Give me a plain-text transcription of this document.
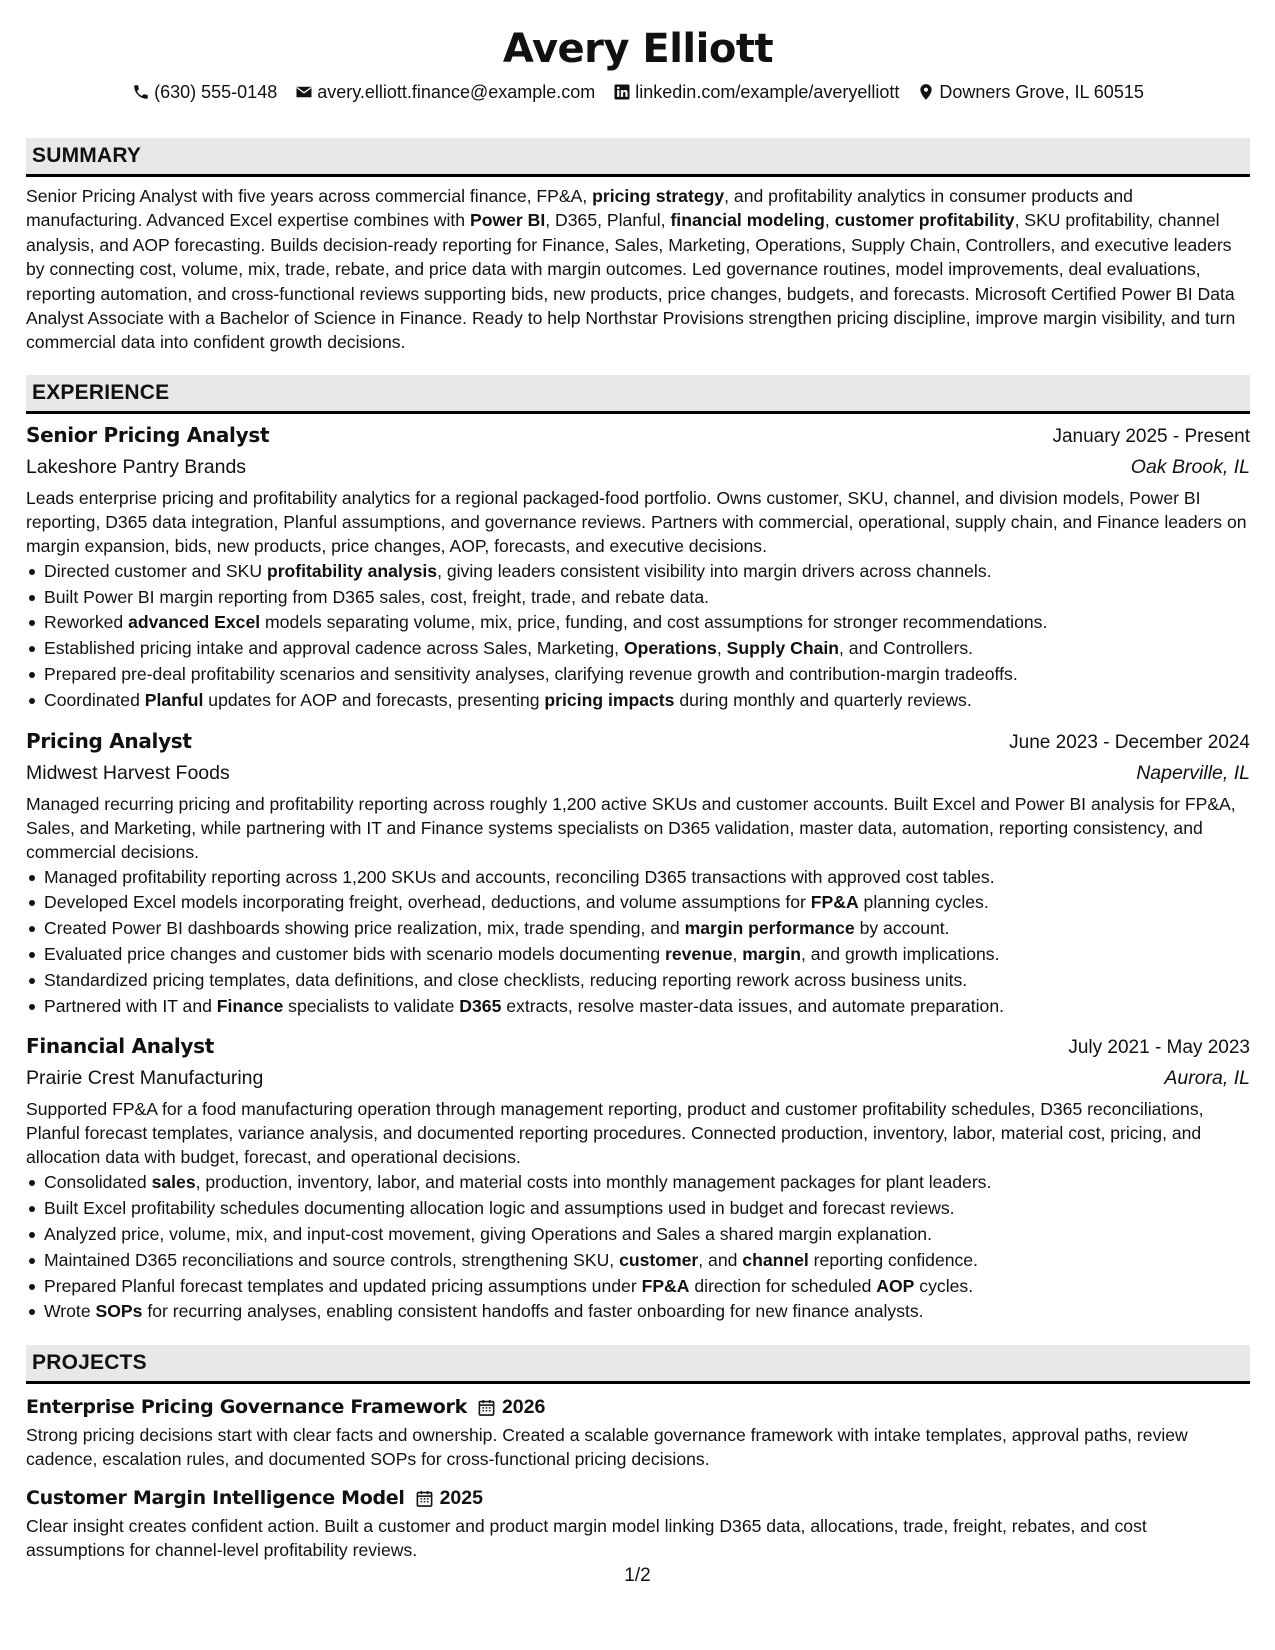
Avery Elliott
(630) 555-0148 avery.elliott.finance@example.com linkedin.com/example/averyelliott Downers Grove, IL 60515
SUMMARY
Senior Pricing Analyst with five years across commercial finance, FP&A, pricing strategy, and profitability analytics in consumer products and manufacturing. Advanced Excel expertise combines with Power BI, D365, Planful, financial modeling, customer profitability, SKU profitability, channel analysis, and AOP forecasting. Builds decision-ready reporting for Finance, Sales, Marketing, Operations, Supply Chain, Controllers, and executive leaders by connecting cost, volume, mix, trade, rebate, and price data with margin outcomes. Led governance routines, model improvements, deal evaluations, reporting automation, and cross-functional reviews supporting bids, new products, price changes, budgets, and forecasts. Microsoft Certified Power BI Data Analyst Associate with a Bachelor of Science in Finance. Ready to help Northstar Provisions strengthen pricing discipline, improve margin visibility, and turn commercial data into confident growth decisions.
EXPERIENCE
Senior Pricing Analyst	January 2025 - Present
Lakeshore Pantry Brands	Oak Brook, IL
Leads enterprise pricing and profitability analytics for a regional packaged-food portfolio. Owns customer, SKU, channel, and division models, Power BI reporting, D365 data integration, Planful assumptions, and governance reviews. Partners with commercial, operational, supply chain, and Finance leaders on margin expansion, bids, new products, price changes, AOP, forecasts, and executive decisions.
Directed customer and SKU profitability analysis, giving leaders consistent visibility into margin drivers across channels.
Built Power BI margin reporting from D365 sales, cost, freight, trade, and rebate data.
Reworked advanced Excel models separating volume, mix, price, funding, and cost assumptions for stronger recommendations.
Established pricing intake and approval cadence across Sales, Marketing, Operations, Supply Chain, and Controllers.
Prepared pre-deal profitability scenarios and sensitivity analyses, clarifying revenue growth and contribution-margin tradeoffs.
Coordinated Planful updates for AOP and forecasts, presenting pricing impacts during monthly and quarterly reviews.
Pricing Analyst	June 2023 - December 2024
Midwest Harvest Foods	Naperville, IL
Managed recurring pricing and profitability reporting across roughly 1,200 active SKUs and customer accounts. Built Excel and Power BI analysis for FP&A, Sales, and Marketing, while partnering with IT and Finance systems specialists on D365 validation, master data, automation, reporting consistency, and commercial decisions.
Managed profitability reporting across 1,200 SKUs and accounts, reconciling D365 transactions with approved cost tables.
Developed Excel models incorporating freight, overhead, deductions, and volume assumptions for FP&A planning cycles.
Created Power BI dashboards showing price realization, mix, trade spending, and margin performance by account.
Evaluated price changes and customer bids with scenario models documenting revenue, margin, and growth implications.
Standardized pricing templates, data definitions, and close checklists, reducing reporting rework across business units.
Partnered with IT and Finance specialists to validate D365 extracts, resolve master-data issues, and automate preparation.
Financial Analyst	July 2021 - May 2023
Prairie Crest Manufacturing	Aurora, IL
Supported FP&A for a food manufacturing operation through management reporting, product and customer profitability schedules, D365 reconciliations, Planful forecast templates, variance analysis, and documented reporting procedures. Connected production, inventory, labor, material cost, pricing, and allocation data with budget, forecast, and operational decisions.
Consolidated sales, production, inventory, labor, and material costs into monthly management packages for plant leaders.
Built Excel profitability schedules documenting allocation logic and assumptions used in budget and forecast reviews.
Analyzed price, volume, mix, and input-cost movement, giving Operations and Sales a shared margin explanation.
Maintained D365 reconciliations and source controls, strengthening SKU, customer, and channel reporting confidence.
Prepared Planful forecast templates and updated pricing assumptions under FP&A direction for scheduled AOP cycles.
Wrote SOPs for recurring analyses, enabling consistent handoffs and faster onboarding for new finance analysts.
PROJECTS
Enterprise Pricing Governance Framework 2026
Strong pricing decisions start with clear facts and ownership. Created a scalable governance framework with intake templates, approval paths, review cadence, escalation rules, and documented SOPs for cross-functional pricing decisions.
Customer Margin Intelligence Model 2025
Clear insight creates confident action. Built a customer and product margin model linking D365 data, allocations, trade, freight, rebates, and cost assumptions for channel-level profitability reviews.
1/2
